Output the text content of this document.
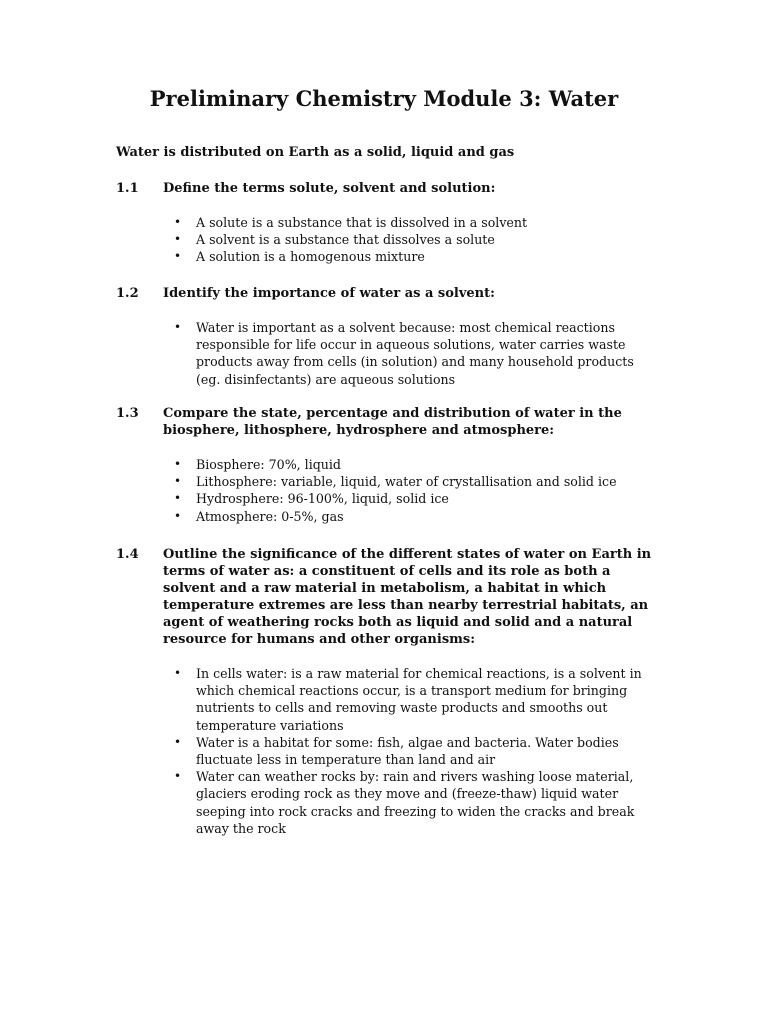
Preliminary Chemistry Module 3: Water

Water is distributed on Earth as a solid, liquid and gas

1.1	Define the terms solute, solvent and solution:

• A solute is a substance that is dissolved in a solvent
• A solvent is a substance that dissolves a solute
• A solution is a homogenous mixture
1.2	Identify the importance of water as a solvent:

• Water is important as a solvent because: most chemical reactions responsible for life occur in aqueous solutions, water carries waste products away from cells (in solution) and many household products (eg. disinfectants) are aqueous solutions
1.3	Compare the state, percentage and distribution of water in the biosphere, lithosphere, hydrosphere and atmosphere:

• Biosphere: 70%, liquid
• Lithosphere: variable, liquid, water of crystallisation and solid ice
• Hydrosphere: 96-100%, liquid, solid ice
• Atmosphere: 0-5%, gas
1.4	Outline the significance of the different states of water on Earth in terms of water as: a constituent of cells and its role as both a solvent and a raw material in metabolism, a habitat in which temperature extremes are less than nearby terrestrial habitats, an agent of weathering rocks both as liquid and solid and a natural resource for humans and other organisms:

• In cells water: is a raw material for chemical reactions, is a solvent in which chemical reactions occur, is a transport medium for bringing nutrients to cells and removing waste products and smooths out temperature variations
• Water is a habitat for some: fish, algae and bacteria. Water bodies fluctuate less in temperature than land and air
• Water can weather rocks by: rain and rivers washing loose material, glaciers eroding rock as they move and (freeze-thaw) liquid water seeping into rock cracks and freezing to widen the cracks and break away the rock
